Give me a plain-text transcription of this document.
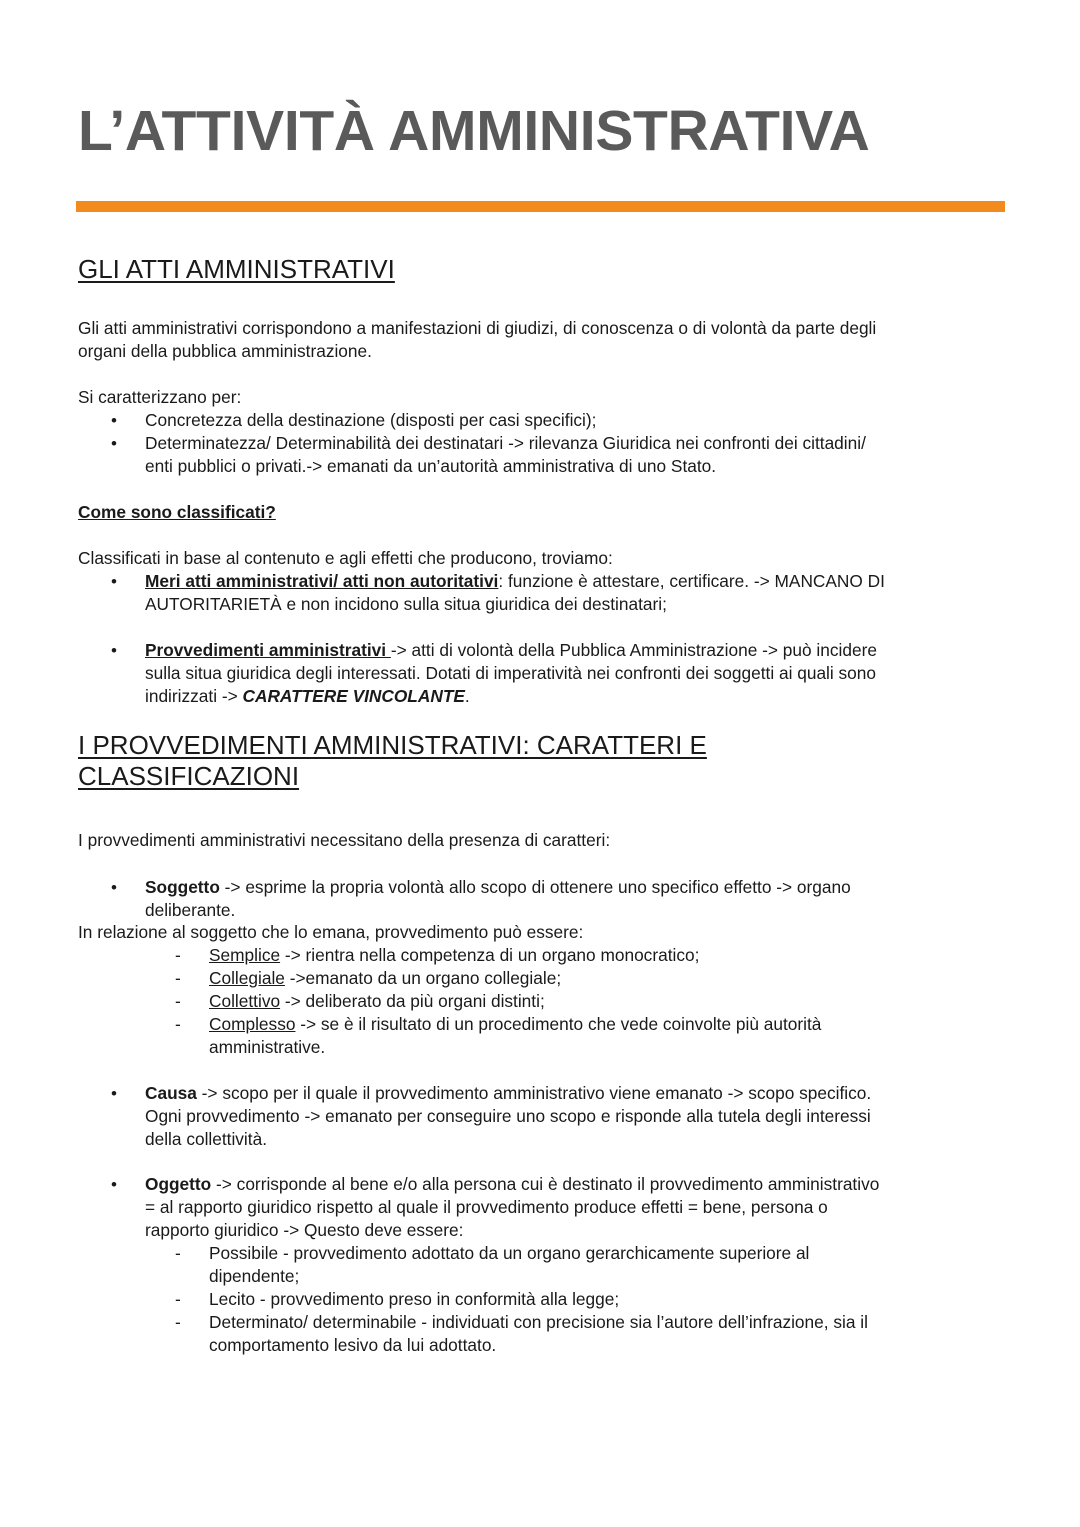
L’ATTIVITÀ AMMINISTRATIVA
GLI ATTI AMMINISTRATIVI

Gli atti amministrativi corrispondono a manifestazioni di giudizi, di conoscenza o di volontà da parte degli
organi della pubblica amministrazione.

Si caratterizzano per:

• Concretezza della destinazione (disposti per casi specifici);

• Determinatezza/ Determinabilità dei destinatari -> rilevanza Giuridica nei confronti dei cittadini/
enti pubblici o privati.-> emanati da un’autorità amministrativa di uno Stato.

Come sono classificati?

Classificati in base al contenuto e agli effetti che producono, troviamo:

• Meri atti amministrativi/ atti non autoritativi: funzione è attestare, certificare. -> MANCANO DI
AUTORITARIETÀ e non incidono sulla situa giuridica dei destinatari;

• Provvedimenti amministrativi -> atti di volontà della Pubblica Amministrazione -> può incidere
sulla situa giuridica degli interessati. Dotati di imperatività nei confronti dei soggetti ai quali sono
indirizzati -> CARATTERE VINCOLANTE.

I PROVVEDIMENTI AMMINISTRATIVI: CARATTERI E
CLASSIFICAZIONI

I provvedimenti amministrativi necessitano della presenza di caratteri:

• Soggetto -> esprime la propria volontà allo scopo di ottenere uno specifico effetto -> organo
deliberante.

In relazione al soggetto che lo emana, provvedimento può essere:

- Semplice -> rientra nella competenza di un organo monocratico;

- Collegiale ->emanato da un organo collegiale;

- Collettivo -> deliberato da più organi distinti;

- Complesso -> se è il risultato di un procedimento che vede coinvolte più autorità
amministrative.

• Causa -> scopo per il quale il provvedimento amministrativo viene emanato -> scopo specifico.
Ogni provvedimento -> emanato per conseguire uno scopo e risponde alla tutela degli interessi
della collettività.

• Oggetto -> corrisponde al bene e/o alla persona cui è destinato il provvedimento amministrativo
= al rapporto giuridico rispetto al quale il provvedimento produce effetti = bene, persona o
rapporto giuridico -> Questo deve essere:

- Possibile - provvedimento adottato da un organo gerarchicamente superiore al
dipendente;

- Lecito - provvedimento preso in conformità alla legge;

- Determinato/ determinabile - individuati con precisione sia l’autore dell’infrazione, sia il
comportamento lesivo da lui adottato.
